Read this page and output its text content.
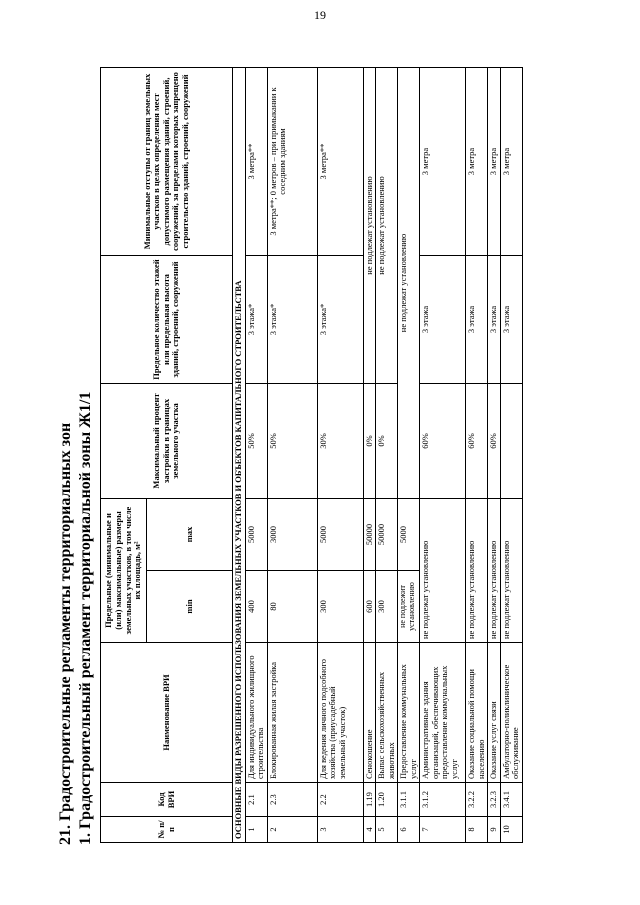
19
21. Градостроительные регламенты территориальных зон 1. Градостроительный регламент территориальной зоны Ж1/1	№ п/п	Код ВРИ	Наименование ВРИ	Предельные (минимальные и (или) максимальные) размеры земельных участков, в том числе их площадь, м²		Максимальный процент застройки в границах земельного участка	Предельное количество этажей или предельная высота зданий, строений, сооружений	Минимальные отступы от границ земельных участков в целях определения мест допустимого размещения зданий, строений, сооружений, за пределами которых запрещено строительство зданий, строений, сооружений
			min	max			
ОСНОВНЫЕ ВИДЫ РАЗРЕШЕННОГО ИСПОЛЬЗОВАНИЯ ЗЕМЕЛЬНЫХ УЧАСТКОВ И ОБЪЕКТОВ КАПИТАЛЬНОГО СТРОИТЕЛЬСТВА							
1	2.1	Для индивидуального жилищного строительства	400	5000	50%	3 этажа*	3 метра**
2	2.3	Блокированная жилая застройка	80	3000	50%	3 этажа*	3 метра**; 0 метров – при примыкании к соседним зданиям
3	2.2	Для ведения личного подсобного хозяйства (приусадебный земельный участок)	300	5000	30%	3 этажа*	3 метра**
4	1.19	Сенокошение	600	50000	0%	не подлежат установлению	
5	1.20	Выпас сельскохозяйственных животных	300	50000	0%	не подлежат установлению	
6	3.1.1	Предоставление коммунальных услуг	не подлежит установлению	5000	не подлежат установлению		
7	3.1.2	Административные здания организаций, обеспечивающих предоставление коммунальных услуг	не подлежат установлению		60%	3 этажа	3 метра
8	3.2.2	Оказание социальной помощи населению	не подлежат установлению		60%	3 этажа	3 метра
9	3.2.3	Оказание услуг связи	не подлежат установлению		60%	3 этажа	3 метра
10	3.4.1	Амбулаторно-поликлиническое обслуживание	не подлежат установлению			3 этажа	3 метра
